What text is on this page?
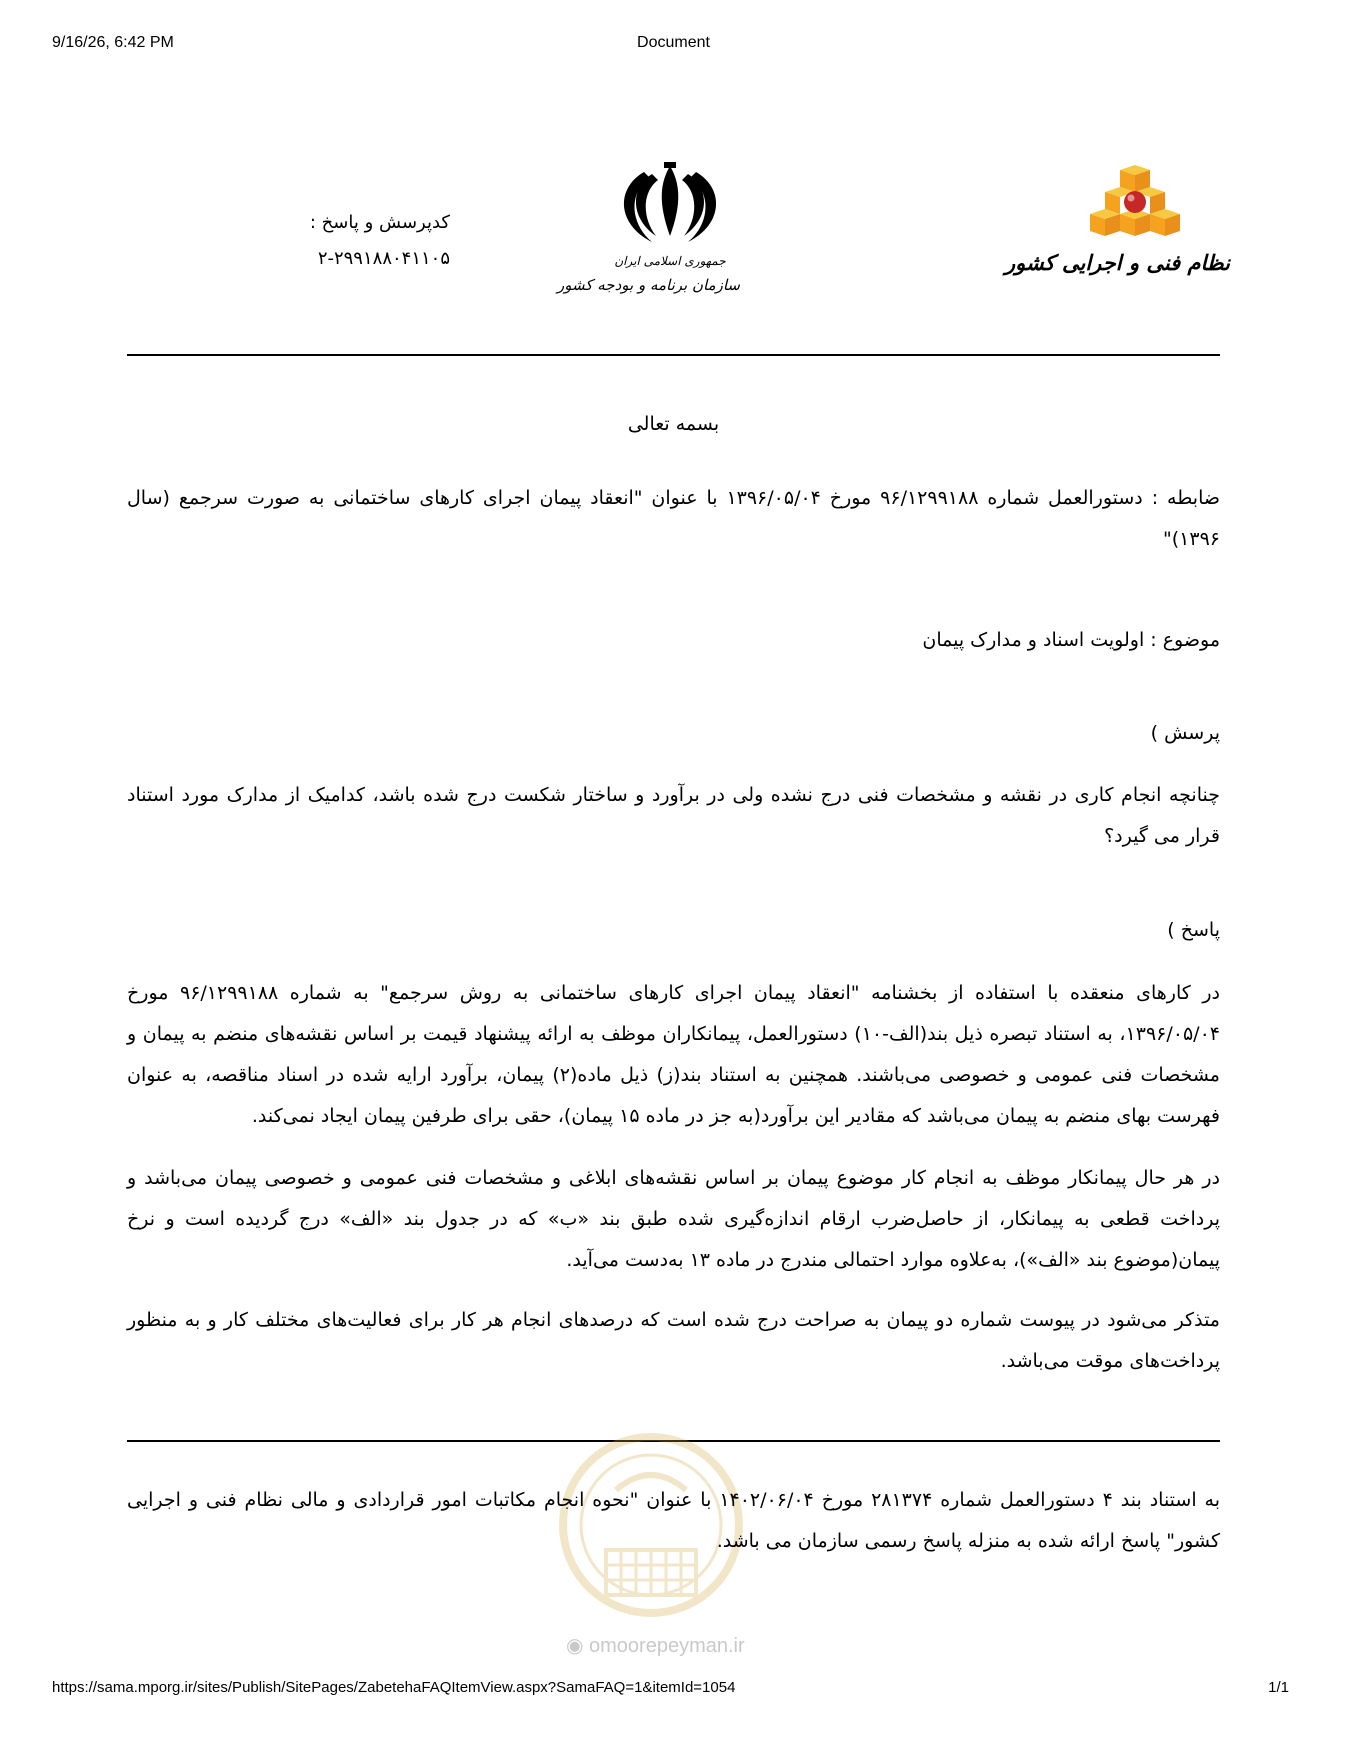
9/16/26, 6:42 PM	Document
نظام فنی و اجرایی کشور
جمهوری اسلامی ایران
سازمان برنامه و بودجه کشور
کدپرسش و پاسخ :
۲-۲۹۹۱۸۸۰۴۱۱۰۵
بسمه تعالی
ضابطه : دستورالعمل شماره ۹۶/۱۲۹۹۱۸۸ مورخ ۱۳۹۶/۰۵/۰۴ با عنوان "انعقاد پیمان اجرای کارهای ساختمانی به صورت سرجمع (سال ۱۳۹۶)"
موضوع : اولویت اسناد و مدارک پیمان
پرسش )
چنانچه انجام کاری در نقشه و مشخصات فنی درج نشده ولی در برآورد و ساختار شکست درج شده باشد، کدامیک از مدارک مورد استناد قرار می گیرد؟
پاسخ )
در کارهای منعقده با استفاده از بخشنامه "انعقاد پیمان اجرای کارهای ساختمانی به روش سرجمع" به شماره ۹۶/۱۲۹۹۱۸۸ مورخ ۱۳۹۶/۰۵/۰۴، به استناد تبصره ذیل بند(الف-۱۰) دستورالعمل، پیمانکاران موظف به ارائه پیشنهاد قیمت بر اساس نقشه‌های منضم به پیمان و مشخصات فنی عمومی و خصوصی می‌باشند. همچنین به استناد بند(ز) ذیل ماده(۲) پیمان، برآورد ارایه شده در اسناد مناقصه، به عنوان فهرست بهای منضم به پیمان می‌باشد که مقادیر این برآورد(به جز در ماده ۱۵ پیمان)، حقی برای طرفین پیمان ایجاد نمی‌کند.
در هر حال پیمانکار موظف به انجام کار موضوع پیمان بر اساس نقشه‌های ابلاغی و مشخصات فنی عمومی و خصوصی پیمان می‌باشد و پرداخت قطعی به پیمانکار، از حاصل‌ضرب ارقام اندازه‌گیری شده طبق بند «ب» که در جدول بند «الف» درج گردیده است و نرخ پیمان(موضوع بند «الف»)، به‌علاوه موارد احتمالی مندرج در ماده ۱۳ به‌دست می‌آید.
متذکر می‌شود در پیوست شماره دو پیمان به صراحت درج شده است که درصدهای انجام هر کار برای فعالیت‌های مختلف کار و به منظور پرداخت‌های موقت می‌باشد.
به استناد بند ۴ دستورالعمل شماره ۲۸۱۳۷۴ مورخ ۱۴۰۲/۰۶/۰۴ با عنوان "نحوه انجام مکاتبات امور قراردادی و مالی نظام فنی و اجرایی کشور" پاسخ ارائه شده به منزله پاسخ رسمی سازمان می باشد.
◉ omoorepeyman.ir
https://sama.mporg.ir/sites/Publish/SitePages/ZabetehaFAQItemView.aspx?SamaFAQ=1&itemId=1054	1/1
